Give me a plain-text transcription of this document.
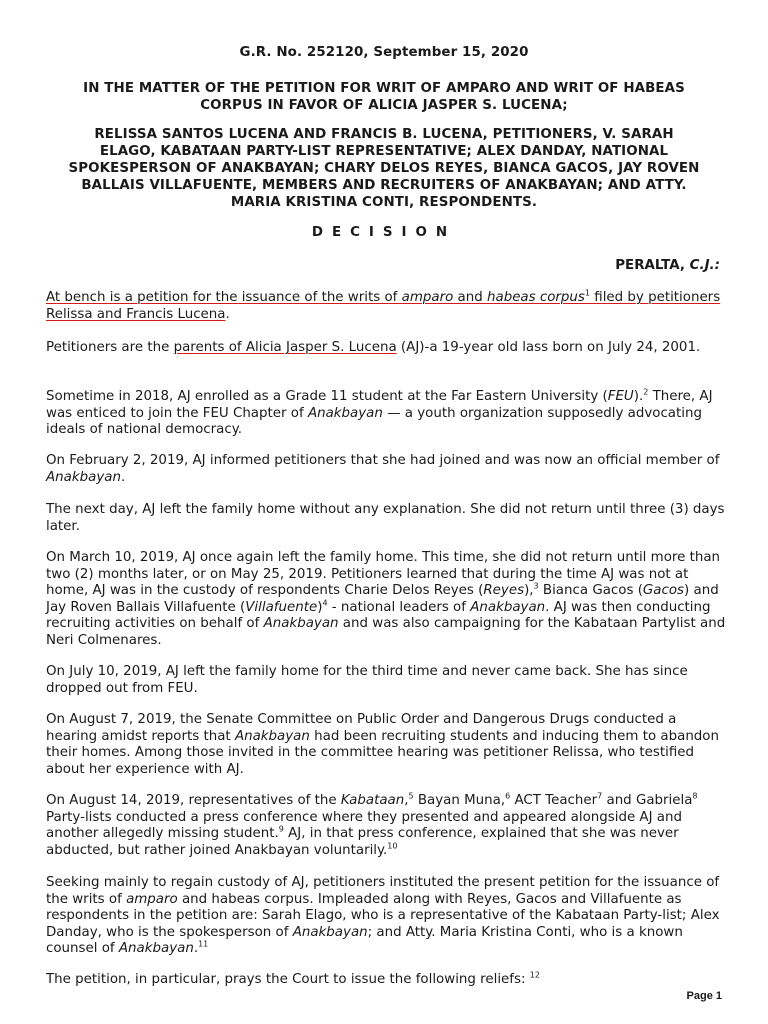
G.R. No. 252120, September 15, 2020
IN THE MATTER OF THE PETITION FOR WRIT OF AMPARO AND WRIT OF HABEAS
CORPUS IN FAVOR OF ALICIA JASPER S. LUCENA;
RELISSA SANTOS LUCENA AND FRANCIS B. LUCENA, PETITIONERS, V. SARAH
ELAGO, KABATAAN PARTY-LIST REPRESENTATIVE; ALEX DANDAY, NATIONAL
SPOKESPERSON OF ANAKBAYAN; CHARY DELOS REYES, BIANCA GACOS, JAY ROVEN
BALLAIS VILLAFUENTE, MEMBERS AND RECRUITERS OF ANAKBAYAN; AND ATTY.
MARIA KRISTINA CONTI, RESPONDENTS.
DECISION
PERALTA, C.J.:

At bench is a petition for the issuance of the writs of amparo and habeas corpus$^1$ filed by petitioners Relissa and Francis Lucena.

Petitioners are the parents of Alicia Jasper S. Lucena (AJ)-a 19-year old lass born on July 24, 2001.

Sometime in 2018, AJ enrolled as a Grade 11 student at the Far Eastern University (FEU).$^2$ There, AJ was enticed to join the FEU Chapter of Anakbayan — a youth organization supposedly advocating ideals of national democracy.

On February 2, 2019, AJ informed petitioners that she had joined and was now an official member of Anakbayan.

The next day, AJ left the family home without any explanation. She did not return until three (3) days later.

On March 10, 2019, AJ once again left the family home. This time, she did not return until more than two (2) months later, or on May 25, 2019. Petitioners learned that during the time AJ was not at home, AJ was in the custody of respondents Charie Delos Reyes (Reyes),$^3$ Bianca Gacos (Gacos) and Jay Roven Ballais Villafuente (Villafuente)$^4$ - national leaders of Anakbayan. AJ was then conducting recruiting activities on behalf of Anakbayan and was also campaigning for the Kabataan Partylist and Neri Colmenares.

On July 10, 2019, AJ left the family home for the third time and never came back. She has since dropped out from FEU.

On August 7, 2019, the Senate Committee on Public Order and Dangerous Drugs conducted a hearing amidst reports that Anakbayan had been recruiting students and inducing them to abandon their homes. Among those invited in the committee hearing was petitioner Relissa, who testified about her experience with AJ.

On August 14, 2019, representatives of the Kabataan,$^5$ Bayan Muna,$^6$ ACT Teacher$^7$ and Gabriela$^8$ Party-lists conducted a press conference where they presented and appeared alongside AJ and another allegedly missing student.$^9$ AJ, in that press conference, explained that she was never abducted, but rather joined Anakbayan voluntarily.$^{10}$

Seeking mainly to regain custody of AJ, petitioners instituted the present petition for the issuance of the writs of amparo and habeas corpus. Impleaded along with Reyes, Gacos and Villafuente as respondents in the petition are: Sarah Elago, who is a representative of the Kabataan Party-list; Alex Danday, who is the spokesperson of Anakbayan; and Atty. Maria Kristina Conti, who is a known counsel of Anakbayan.$^{11}$

The petition, in particular, prays the Court to issue the following reliefs: $^{12}$

Page 1
